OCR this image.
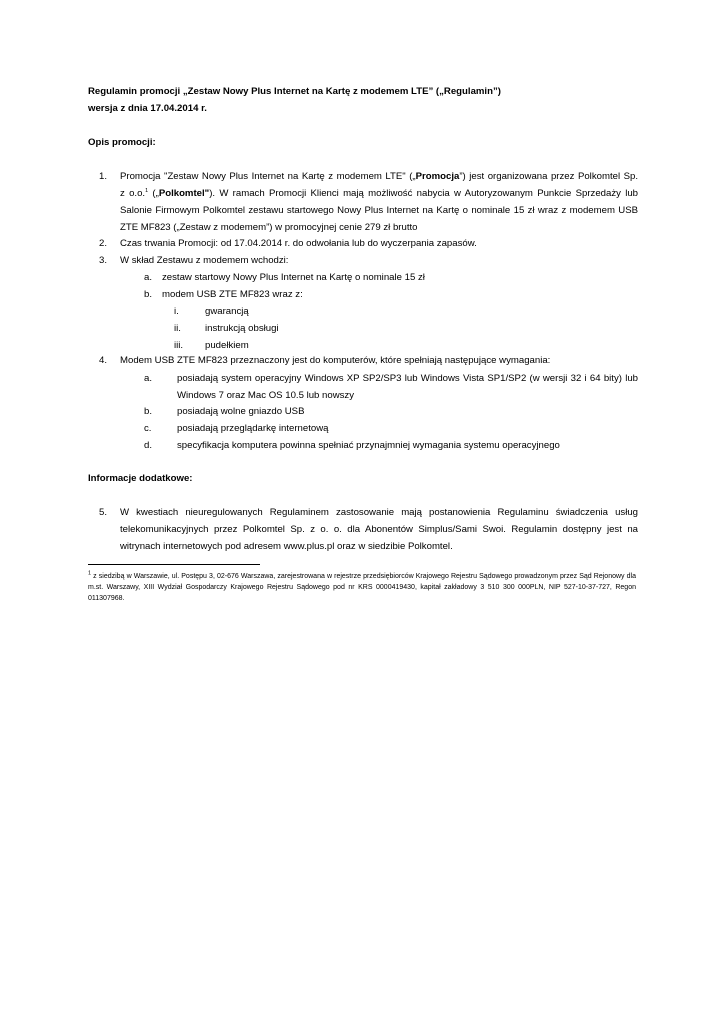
Regulamin promocji „Zestaw Nowy Plus Internet na Kartę z modemem LTE” („Regulamin”)
wersja z dnia 17.04.2014 r.
Opis promocji:
1.	Promocja "Zestaw Nowy Plus Internet na Kartę z modemem LTE" („Promocja”) jest organizowana przez Polkomtel Sp.
z o.o.$^1$ („Polkomtel"). W ramach Promocji Klienci mają możliwość nabycia w Autoryzowanym Punkcie Sprzedaży lub
Salonie Firmowym Polkomtel zestawu startowego Nowy Plus Internet na Kartę o nominale 15 zł wraz z modemem USB
ZTE MF823 („Zestaw z modemem”) w promocyjnej cenie 279 zł brutto
2.	Czas trwania Promocji: od 17.04.2014 r. do odwołania lub do wyczerpania zapasów.
3.	W skład Zestawu z modemem wchodzi:
a. zestaw startowy Nowy Plus Internet na Kartę o nominale 15 zł
b. modem USB ZTE MF823 wraz z:
i.	gwarancją
ii.	instrukcją obsługi
iii.	pudełkiem
4.	Modem USB ZTE MF823 przeznaczony jest do komputerów, które spełniają następujące wymagania:
a.	posiadają system operacyjny Windows XP SP2/SP3 lub Windows Vista SP1/SP2 (w wersji 32 i 64 bity) lub
Windows 7 oraz Mac OS 10.5 lub nowszy
b.	posiadają wolne gniazdo USB
c.	posiadają przeglądarkę internetową
d.	specyfikacja komputera powinna spełniać przynajmniej wymagania systemu operacyjnego
Informacje dodatkowe:
5.	W kwestiach nieuregulowanych Regulaminem zastosowanie mają postanowienia Regulaminu świadczenia usług
telekomunikacyjnych przez Polkomtel Sp. z o. o. dla Abonentów Simplus/Sami Swoi. Regulamin dostępny jest na
witrynach internetowych pod adresem www.plus.pl oraz w siedzibie Polkomtel.
$^1$ z siedzibą w Warszawie, ul. Postępu 3, 02-676 Warszawa, zarejestrowana w rejestrze przedsiębiorców Krajowego Rejestru Sądowego prowadzonym przez Sąd Rejonowy dla
m.st. Warszawy, XIII Wydział Gospodarczy Krajowego Rejestru Sądowego pod nr KRS 0000419430, kapitał zakładowy 3 510 300 000PLN, NIP 527-10-37-727, Regon
011307968.
